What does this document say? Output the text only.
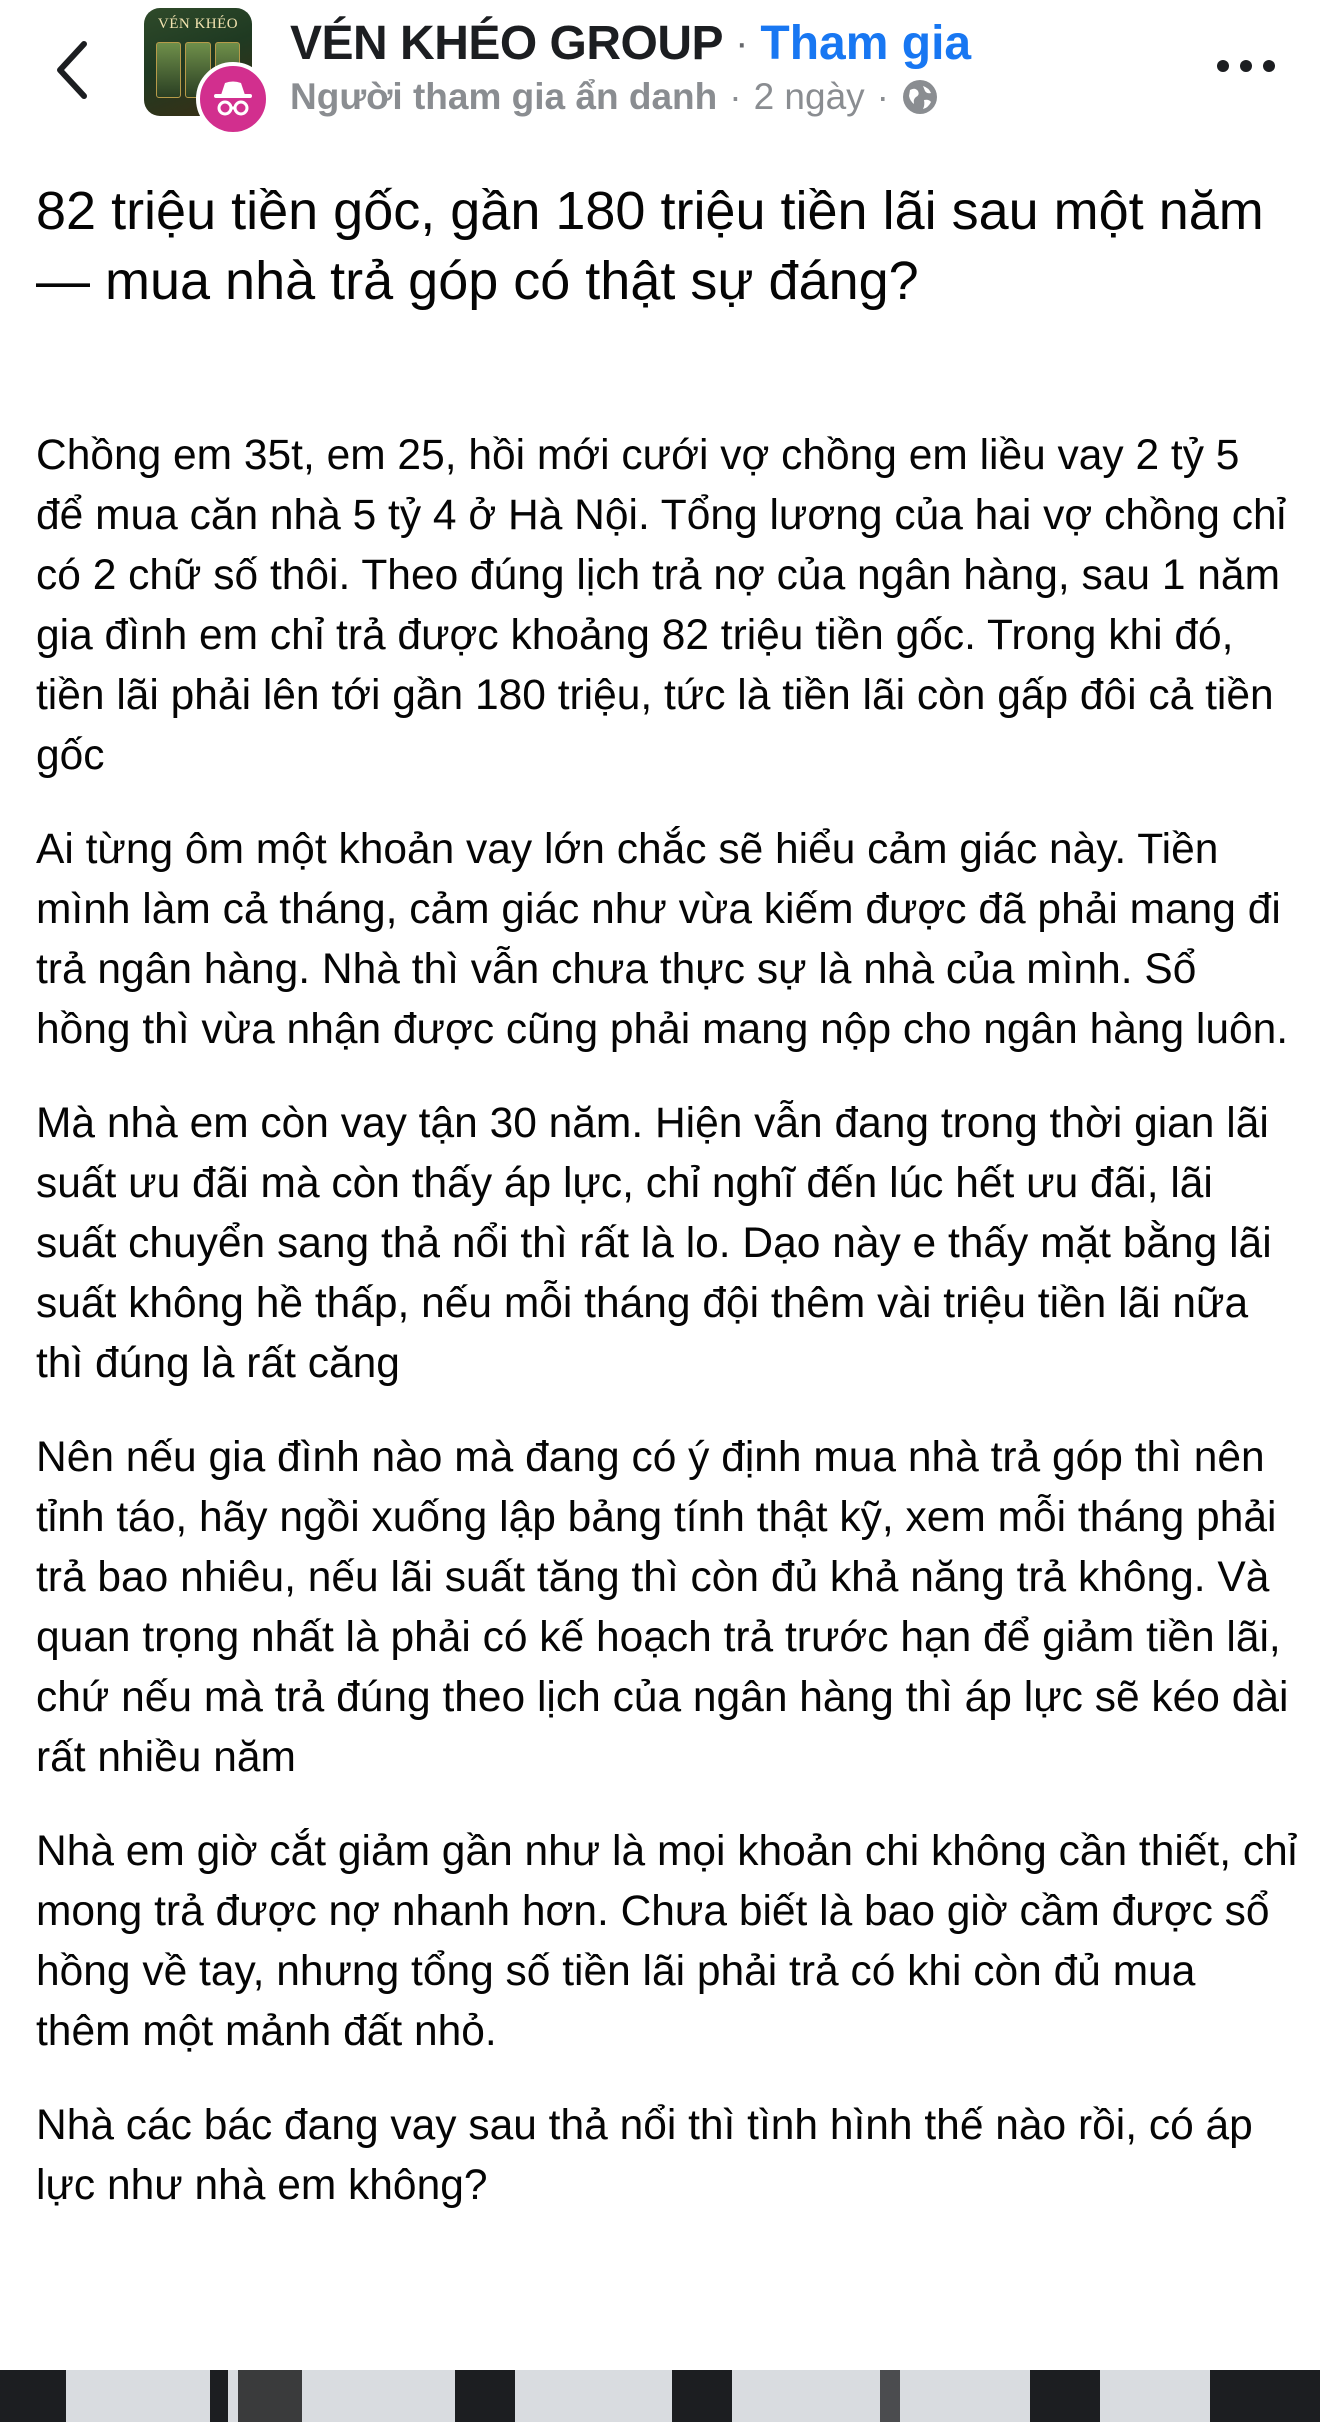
VÉN KHÉO VÉN KHÉO GROUP · Tham gia
Người tham gia ẩn danh · 2 ngày ·
82 triệu tiền gốc, gần 180 triệu tiền lãi sau một năm — mua nhà trả góp có thật sự đáng?

Chồng em 35t, em 25, hồi mới cưới vợ chồng em liều vay 2 tỷ 5 để mua căn nhà 5 tỷ 4 ở Hà Nội. Tổng lương của hai vợ chồng chỉ có 2 chữ số thôi. Theo đúng lịch trả nợ của ngân hàng, sau 1 năm gia đình em chỉ trả được khoảng 82 triệu tiền gốc. Trong khi đó, tiền lãi phải lên tới gần 180 triệu, tức là tiền lãi còn gấp đôi cả tiền gốc

Ai từng ôm một khoản vay lớn chắc sẽ hiểu cảm giác này. Tiền mình làm cả tháng, cảm giác như vừa kiếm được đã phải mang đi trả ngân hàng. Nhà thì vẫn chưa thực sự là nhà của mình. Sổ hồng thì vừa nhận được cũng phải mang nộp cho ngân hàng luôn.

Mà nhà em còn vay tận 30 năm. Hiện vẫn đang trong thời gian lãi suất ưu đãi mà còn thấy áp lực, chỉ nghĩ đến lúc hết ưu đãi, lãi suất chuyển sang thả nổi thì rất là lo. Dạo này e thấy mặt bằng lãi suất không hề thấp, nếu mỗi tháng đội thêm vài triệu tiền lãi nữa thì đúng là rất căng

Nên nếu gia đình nào mà đang có ý định mua nhà trả góp thì nên tỉnh táo, hãy ngồi xuống lập bảng tính thật kỹ, xem mỗi tháng phải trả bao nhiêu, nếu lãi suất tăng thì còn đủ khả năng trả không. Và quan trọng nhất là phải có kế hoạch trả trước hạn để giảm tiền lãi, chứ nếu mà trả đúng theo lịch của ngân hàng thì áp lực sẽ kéo dài rất nhiều năm

Nhà em giờ cắt giảm gần như là mọi khoản chi không cần thiết, chỉ mong trả được nợ nhanh hơn. Chưa biết là bao giờ cầm được sổ hồng về tay, nhưng tổng số tiền lãi phải trả có khi còn đủ mua thêm một mảnh đất nhỏ.

Nhà các bác đang vay sau thả nổi thì tình hình thế nào rồi, có áp lực như nhà em không?
